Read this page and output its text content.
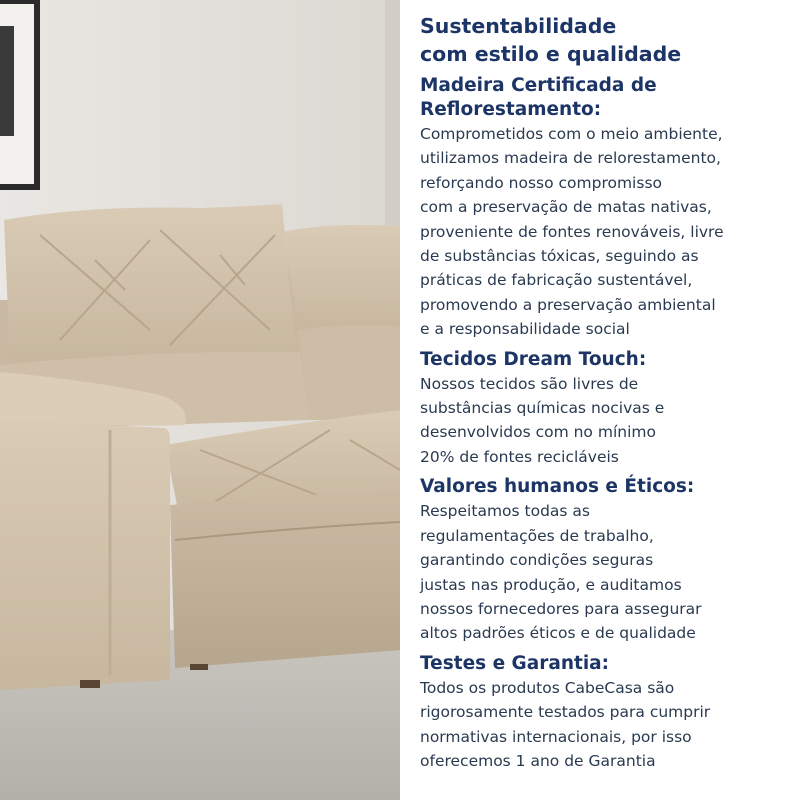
Sustentabilidade
com estilo e qualidade
Madeira Certificada de
Reflorestamento:
Comprometidos com o meio ambiente,
utilizamos madeira de relorestamento,
reforçando nosso compromisso
com a preservação de matas nativas,
proveniente de fontes renováveis, livre
de substâncias tóxicas, seguindo as
práticas de fabricação sustentável,
promovendo a preservação ambiental
e a responsabilidade social
Tecidos Dream Touch:
Nossos tecidos são livres de
substâncias químicas nocivas e
desenvolvidos com no mínimo
20% de fontes recicláveis
Valores humanos e Éticos:
Respeitamos todas as
regulamentações de trabalho,
garantindo condições seguras
justas nas produção, e auditamos
nossos fornecedores para assegurar
altos padrões éticos e de qualidade
Testes e Garantia:
Todos os produtos CabeCasa são
rigorosamente testados para cumprir
normativas internacionais, por isso
oferecemos 1 ano de Garantia
